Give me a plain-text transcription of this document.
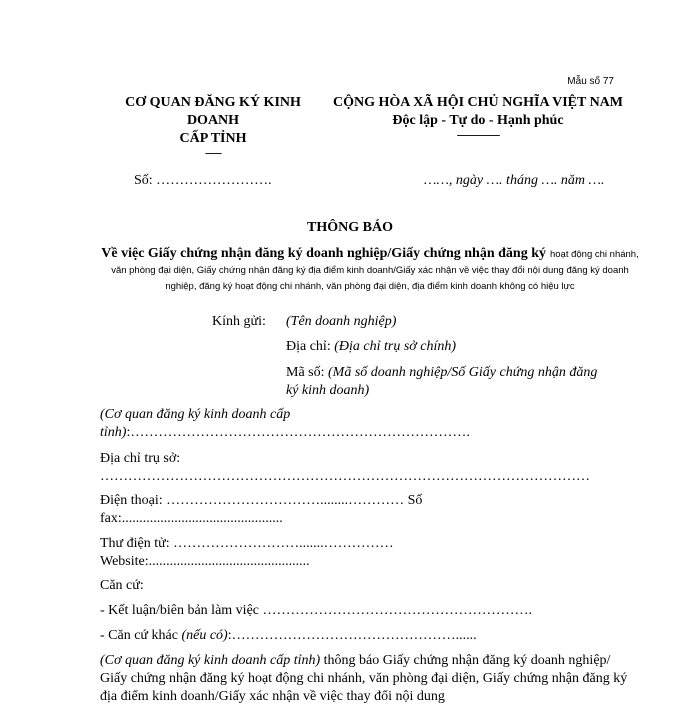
Mẫu số 77
CƠ QUAN ĐĂNG KÝ KINH DOANH
CẤP TỈNH
------
CỘNG HÒA XÃ HỘI CHỦ NGHĨA VIỆT NAM
Độc lập - Tự do - Hạnh phúc
----------------
Số: …………………….	……, ngày …. tháng …. năm ….
THÔNG BÁO
Về việc Giấy chứng nhận đăng ký doanh nghiệp/Giấy chứng nhận đăng ký hoạt động chi nhánh, văn phòng đại diện, Giấy chứng nhận đăng ký địa điểm kinh doanh/Giấy xác nhận về việc thay đổi nội dung đăng ký doanh nghiệp, đăng ký hoạt động chi nhánh, văn phòng đại diện, địa điểm kinh doanh không có hiệu lực
Kính gửi: (Tên doanh nghiệp)
Địa chỉ: (Địa chỉ trụ sở chính)
Mã số: (Mã số doanh nghiệp/Số Giấy chứng nhận đăng ký kinh doanh)
(Cơ quan đăng ký kinh doanh cấp tỉnh):……………………………………………………………….
Địa chỉ trụ sở: ……………………………………………………………………………………………
Điện thoại: ……………………………........………… Số
fax:..............................................
Thư điện tử: ……………………….......……………
Website:..............................................
Căn cứ:
- Kết luận/biên bản làm việc ………………………………………………….
- Căn cứ khác (nếu có):…………………………………………......
(Cơ quan đăng ký kinh doanh cấp tỉnh) thông báo Giấy chứng nhận đăng ký doanh nghiệp/ Giấy chứng nhận đăng ký hoạt động chi nhánh, văn phòng đại diện, Giấy chứng nhận đăng ký địa điểm kinh doanh/Giấy xác nhận về việc thay đổi nội dung
